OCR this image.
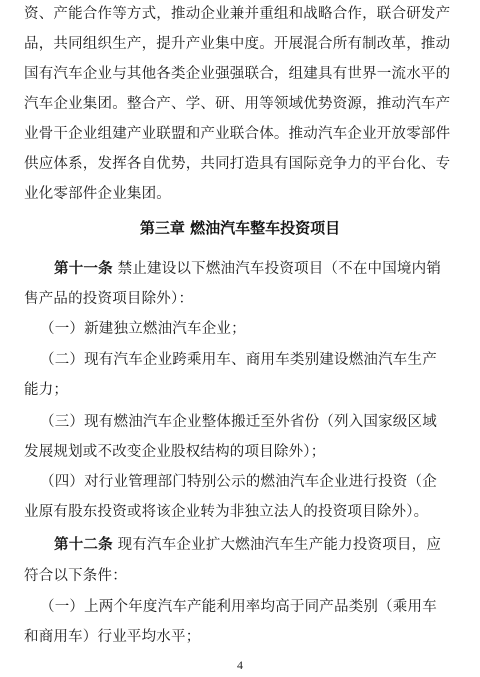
资、产能合作等方式，推动企业兼并重组和战略合作，联合研发产
品，共同组织生产，提升产业集中度。开展混合所有制改革，推动
国有汽车企业与其他各类企业强强联合，组建具有世界一流水平的
汽车企业集团。整合产、学、研、用等领域优势资源，推动汽车产
业骨干企业组建产业联盟和产业联合体。推动汽车企业开放零部件
供应体系，发挥各自优势，共同打造具有国际竞争力的平台化、专
业化零部件企业集团。
第三章 燃油汽车整车投资项目
第十一条 禁止建设以下燃油汽车投资项目（不在中国境内销
售产品的投资项目除外）：
（一）新建独立燃油汽车企业；
（二）现有汽车企业跨乘用车、商用车类别建设燃油汽车生产
能力；
（三）现有燃油汽车企业整体搬迁至外省份（列入国家级区域
发展规划或不改变企业股权结构的项目除外）；
（四）对行业管理部门特别公示的燃油汽车企业进行投资（企
业原有股东投资或将该企业转为非独立法人的投资项目除外）。
第十二条 现有汽车企业扩大燃油汽车生产能力投资项目，应
符合以下条件：
（一）上两个年度汽车产能利用率均高于同产品类别（乘用车
和商用车）行业平均水平；
4
